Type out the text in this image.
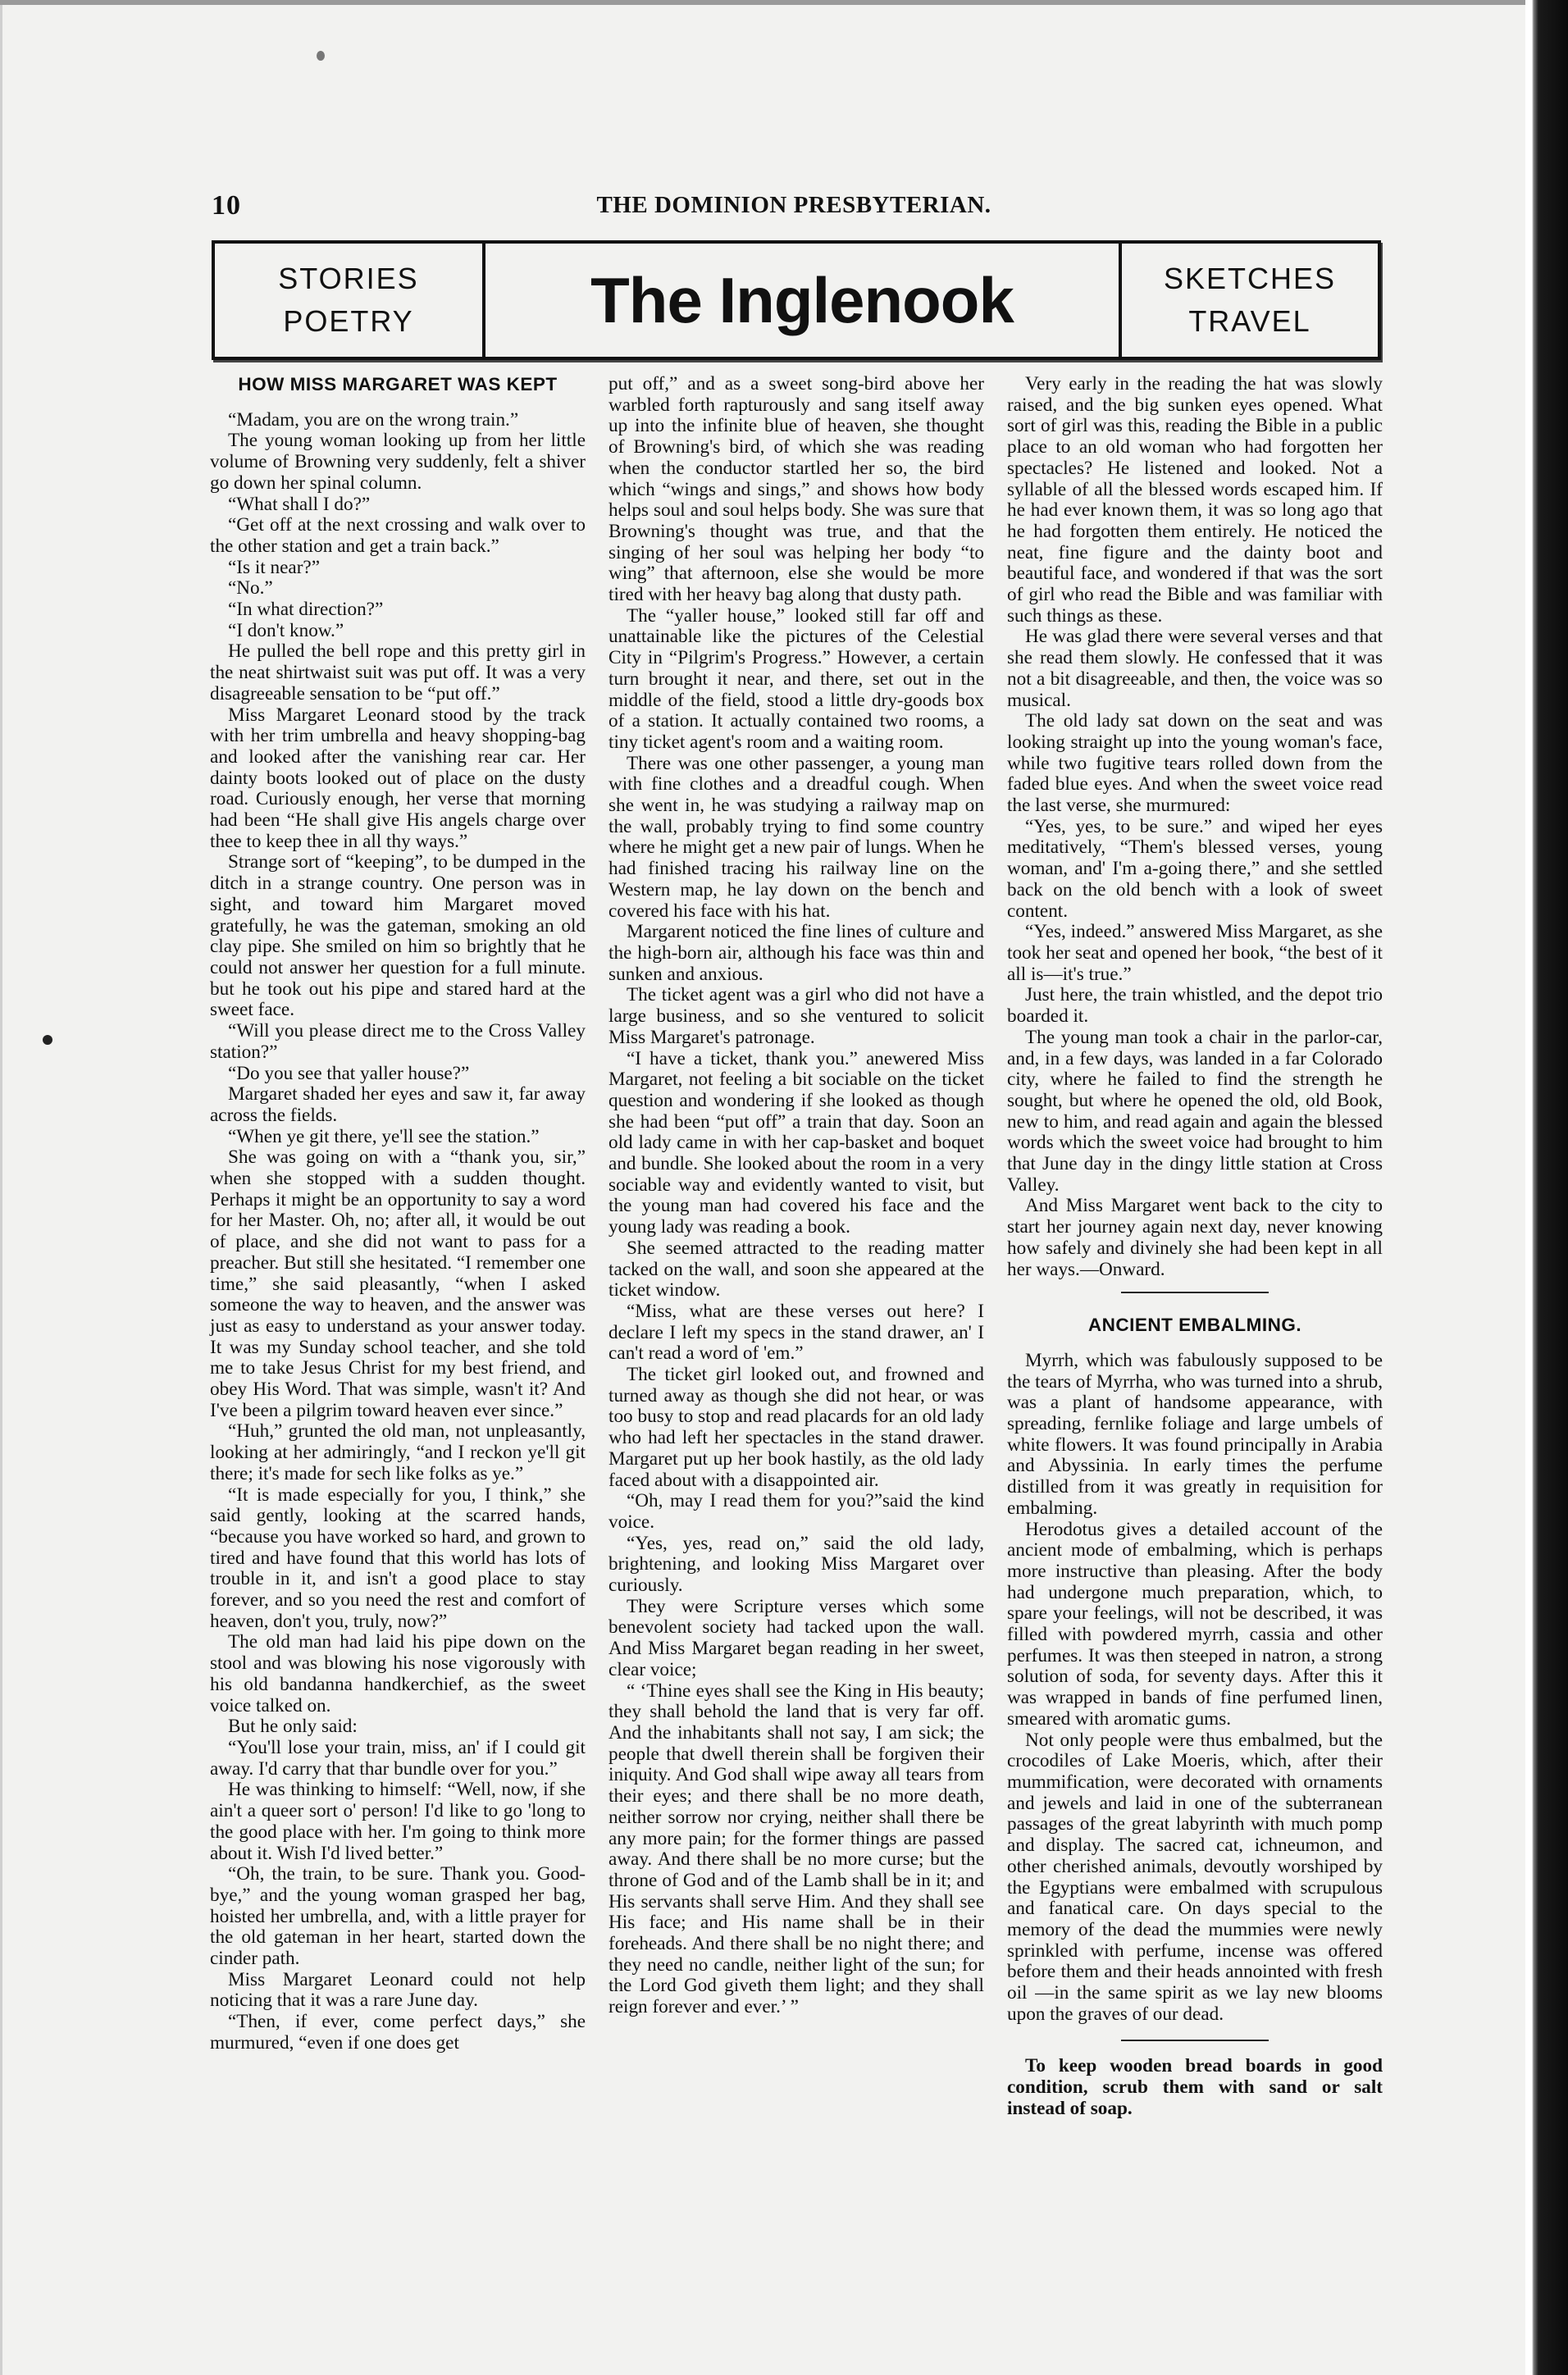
10	THE DOMINION PRESBYTERIAN.
STORIES
POETRY	The Inglenook	SKETCHES
TRAVEL
HOW MISS MARGARET WAS KEPT

“Madam, you are on the wrong train.”

The young woman looking up from her little volume of Browning very suddenly, felt a shiver go down her spinal column.

“What shall I do?”

“Get off at the next crossing and walk over to the other station and get a train back.”

“Is it near?”

“No.”

“In what direction?”

“I don't know.”

He pulled the bell rope and this pretty girl in the neat shirtwaist suit was put off. It was a very disagreeable sensation to be “put off.”

Miss Margaret Leonard stood by the track with her trim umbrella and heavy shopping-bag and looked after the vanishing rear car. Her dainty boots looked out of place on the dusty road. Curiously enough, her verse that morning had been “He shall give His angels charge over thee to keep thee in all thy ways.”

Strange sort of “keeping”, to be dumped in the ditch in a strange country. One person was in sight, and toward him Margaret moved gratefully, he was the gateman, smoking an old clay pipe. She smiled on him so brightly that he could not answer her question for a full minute. but he took out his pipe and stared hard at the sweet face.

“Will you please direct me to the Cross Valley station?”

“Do you see that yaller house?”

Margaret shaded her eyes and saw it, far away across the fields.

“When ye git there, ye'll see the station.”

She was going on with a “thank you, sir,” when she stopped with a sudden thought. Perhaps it might be an opportunity to say a word for her Master. Oh, no; after all, it would be out of place, and she did not want to pass for a preacher. But still she hesitated. “I remember one time,” she said pleasantly, “when I asked someone the way to heaven, and the answer was just as easy to understand as your answer today. It was my Sunday school teacher, and she told me to take Jesus Christ for my best friend, and obey His Word. That was simple, wasn't it? And I've been a pilgrim toward heaven ever since.”

“Huh,” grunted the old man, not unpleasantly, looking at her admiringly, “and I reckon ye'll git there; it's made for sech like folks as ye.”

“It is made especially for you, I think,” she said gently, looking at the scarred hands, “because you have worked so hard, and grown to tired and have found that this world has lots of trouble in it, and isn't a good place to stay forever, and so you need the rest and comfort of heaven, don't you, truly, now?”

The old man had laid his pipe down on the stool and was blowing his nose vigorously with his old bandanna handkerchief, as the sweet voice talked on.

But he only said:

“You'll lose your train, miss, an' if I could git away. I'd carry that thar bundle over for you.”

He was thinking to himself: “Well, now, if she ain't a queer sort o' person! I'd like to go 'long to the good place with her. I'm going to think more about it. Wish I'd lived better.”

“Oh, the train, to be sure. Thank you. Good-bye,” and the young woman grasped her bag, hoisted her umbrella, and, with a little prayer for the old gateman in her heart, started down the cinder path.

Miss Margaret Leonard could not help noticing that it was a rare June day.

“Then, if ever, come perfect days,” she murmured, “even if one does get

put off,” and as a sweet song-bird above her warbled forth rapturously and sang itself away up into the infinite blue of heaven, she thought of Browning's bird, of which she was reading when the conductor startled her so, the bird which “wings and sings,” and shows how body helps soul and soul helps body. She was sure that Browning's thought was true, and that the singing of her soul was helping her body “to wing” that afternoon, else she would be more tired with her heavy bag along that dusty path.

The “yaller house,” looked still far off and unattainable like the pictures of the Celestial City in “Pilgrim's Progress.” However, a certain turn brought it near, and there, set out in the middle of the field, stood a little dry-goods box of a station. It actually contained two rooms, a tiny ticket agent's room and a waiting room.

There was one other passenger, a young man with fine clothes and a dreadful cough. When she went in, he was studying a railway map on the wall, probably trying to find some country where he might get a new pair of lungs. When he had finished tracing his railway line on the Western map, he lay down on the bench and covered his face with his hat.

Margarent noticed the fine lines of culture and the high-born air, although his face was thin and sunken and anxious.

The ticket agent was a girl who did not have a large business, and so she ventured to solicit Miss Margaret's patronage.

“I have a ticket, thank you.” anewered Miss Margaret, not feeling a bit sociable on the ticket question and wondering if she looked as though she had been “put off” a train that day. Soon an old lady came in with her cap-basket and boquet and bundle. She looked about the room in a very sociable way and evidently wanted to visit, but the young man had covered his face and the young lady was reading a book.

She seemed attracted to the reading matter tacked on the wall, and soon she appeared at the ticket window.

“Miss, what are these verses out here? I declare I left my specs in the stand drawer, an' I can't read a word of 'em.”

The ticket girl looked out, and frowned and turned away as though she did not hear, or was too busy to stop and read placards for an old lady who had left her spectacles in the stand drawer. Margaret put up her book hastily, as the old lady faced about with a disappointed air.

“Oh, may I read them for you?”said the kind voice.

“Yes, yes, read on,” said the old lady, brightening, and looking Miss Margaret over curiously.

They were Scripture verses which some benevolent society had tacked upon the wall. And Miss Margaret began reading in her sweet, clear voice;

“ ‘Thine eyes shall see the King in His beauty; they shall behold the land that is very far off. And the inhabitants shall not say, I am sick; the people that dwell therein shall be forgiven their iniquity. And God shall wipe away all tears from their eyes; and there shall be no more death, neither sorrow nor crying, neither shall there be any more pain; for the former things are passed away. And there shall be no more curse; but the throne of God and of the Lamb shall be in it; and His servants shall serve Him. And they shall see His face; and His name shall be in their foreheads. And there shall be no night there; and they need no candle, neither light of the sun; for the Lord God giveth them light; and they shall reign forever and ever.’ ”

Very early in the reading the hat was slowly raised, and the big sunken eyes opened. What sort of girl was this, reading the Bible in a public place to an old woman who had forgotten her spectacles? He listened and looked. Not a syllable of all the blessed words escaped him. If he had ever known them, it was so long ago that he had forgotten them entirely. He noticed the neat, fine figure and the dainty boot and beautiful face, and wondered if that was the sort of girl who read the Bible and was familiar with such things as these.

He was glad there were several verses and that she read them slowly. He confessed that it was not a bit disagreeable, and then, the voice was so musical.

The old lady sat down on the seat and was looking straight up into the young woman's face, while two fugitive tears rolled down from the faded blue eyes. And when the sweet voice read the last verse, she murmured:

“Yes, yes, to be sure.” and wiped her eyes meditatively, “Them's blessed verses, young woman, and' I'm a-going there,” and she settled back on the old bench with a look of sweet content.

“Yes, indeed.” answered Miss Margaret, as she took her seat and opened her book, “the best of it all is—it's true.”

Just here, the train whistled, and the depot trio boarded it.

The young man took a chair in the parlor-car, and, in a few days, was landed in a far Colorado city, where he failed to find the strength he sought, but where he opened the old, old Book, new to him, and read again and again the blessed words which the sweet voice had brought to him that June day in the dingy little station at Cross Valley.

And Miss Margaret went back to the city to start her journey again next day, never knowing how safely and divinely she had been kept in all her ways.—Onward.

ANCIENT EMBALMING.

Myrrh, which was fabulously supposed to be the tears of Myrrha, who was turned into a shrub, was a plant of handsome appearance, with spreading, fernlike foliage and large umbels of white flowers. It was found principally in Arabia and Abyssinia. In early times the perfume distilled from it was greatly in requisition for embalming.

Herodotus gives a detailed account of the ancient mode of embalming, which is perhaps more instructive than pleasing. After the body had undergone much preparation, which, to spare your feelings, will not be described, it was filled with powdered myrrh, cassia and other perfumes. It was then steeped in natron, a strong solution of soda, for seventy days. After this it was wrapped in bands of fine perfumed linen, smeared with aromatic gums.

Not only people were thus embalmed, but the crocodiles of Lake Moeris, which, after their mummification, were decorated with ornaments and jewels and laid in one of the subterranean passages of the great labyrinth with much pomp and display. The sacred cat, ichneumon, and other cherished animals, devoutly worshiped by the Egyptians were embalmed with scrupulous and fanatical care. On days special to the memory of the dead the mummies were newly sprinkled with perfume, incense was offered before them and their heads annointed with fresh oil —in the same spirit as we lay new blooms upon the graves of our dead.

To keep wooden bread boards in good condition, scrub them with sand or salt instead of soap.
